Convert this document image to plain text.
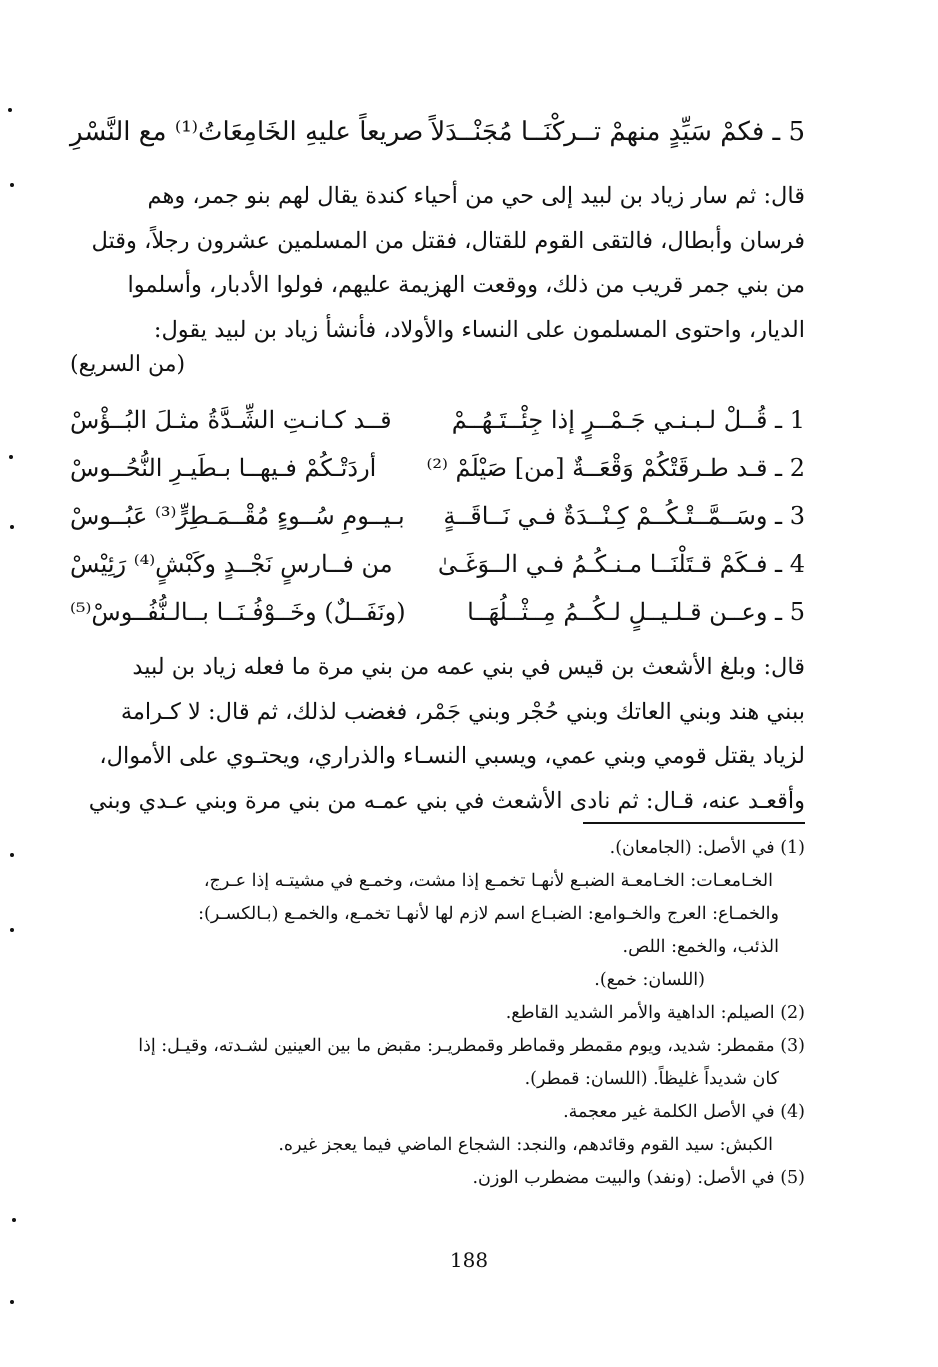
5 ـ فكمْ سَيِّدٍ منهمْ تــركْنَــا مُجَنْــدَلاً
صريعاً عليهِ الخَامِعَاتُ⁽¹⁾ مع النَّسْرِ
قال: ثم سار زياد بن لبيد إلى حي من أحياء كندة يقال لهم بنو جمر، وهم
فرسان وأبطال، فالتقى القوم للقتال، فقتل من المسلمين عشرون رجلاً، وقتل
من بني جمر قريب من ذلك، ووقعت الهزيمة عليهم، فولوا الأدبار، وأسلموا
الديار، واحتوى المسلمون على النساء والأولاد، فأنشأ زياد بن لبيد يقول:
(من السريع)
1 ـ قُــلْ لـبـنـي جَـمْــرٍ إذا جِئْــتَـهُــمْ
قــد كـانـتِ الشِّـدَّةُ مثـلَ البُــؤْسْ
2 ـ قـد طـرقَتْكُمْ وَقْعَــةٌ [من] صَيْلَمْ ⁽²⁾
أردَتْـكُمْ فـيهــا بـطَيـرِ النُّحُــوسْ
3 ـ وسَــمَّــتْـكُــمْ كِـنْــدَةٌ فـي نَــاقَــةٍ
بـيــومِ سُــوءٍ مُقْــمَـطِرٍّ⁽³⁾ عَبُــوسْ
4 ـ فـكَمْ قـتَلْنَــا مـنـكُـمُ فـي الــوَغَـىٰ
من فــارسٍ نَجْــدٍ وكَبْشٍ⁽⁴⁾ رَئِيْسْ
5 ـ وعــن قـلـيــلٍ لـكُــمُ مِــثْــلُهَــا
(ونَفَــلٌ) وخَــوْفُـنَــا بــالـنُّفُــوسْ⁽⁵⁾
قال: وبلغ الأشعث بن قيس في بني عمه من بني مرة ما فعله زياد بن لبيد
ببني هند وبني العاتك وبني حُجْر وبني جَمْر، فغضب لذلك، ثم قال: لا كـرامة
لزياد يقتل قومي وبني عمي، ويسبي النسـاء والذراري، ويحتـوي على الأموال،
وأقعـد عنه، قـال: ثم نادى الأشعث في بني عمـه من بني مرة وبني عـدي وبني
(1) في الأصل: (الجامعان).
الخـامعـات: الخـامعـة الضبـع لأنهـا تخمـع إذا مشت، وخمـع في مشيتـه إذا عـرج،
والخمـاع: العرج والخـوامع: الضبـاع اسم لازم لها لأنهـا تخمـع، والخمـع (بـالكسـر):
الذئب، والخمع: اللص.
(اللسان: خمع).
(2) الصيلم: الداهية والأمر الشديد القاطع.
(3) مقمطر: شديد، ويوم مقمطر وقماطر وقمطريـر: مقبض ما بين العينين لشـدته، وقيـل: إذا
كان شديداً غليظاً. (اللسان: قمطر).
(4) في الأصل الكلمة غير معجمة.
الكبش: سيد القوم وقائدهم، والنجد: الشجاع الماضي فيما يعجز غيره.
(5) في الأصل: (ونفد) والبيت مضطرب الوزن.
188
